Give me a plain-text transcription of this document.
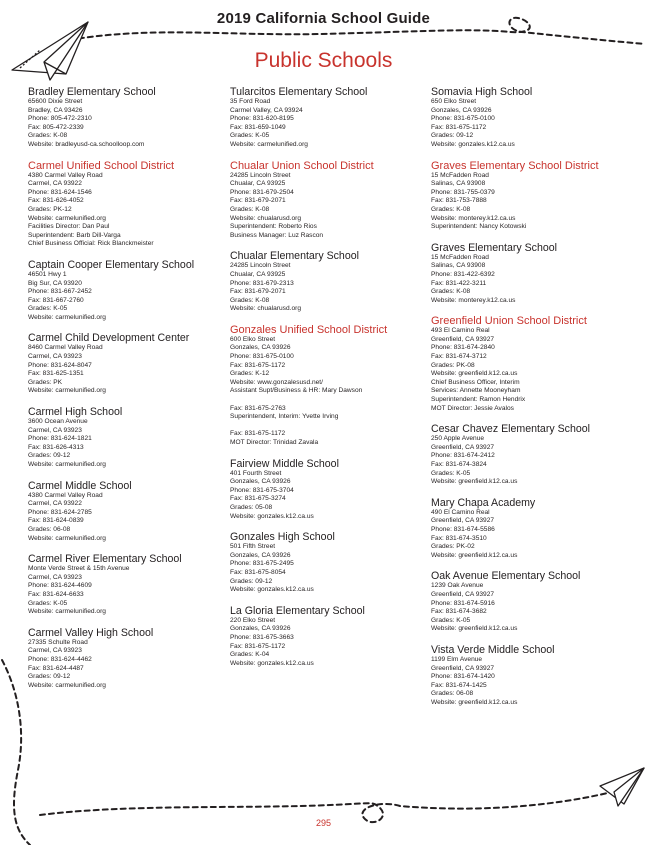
2019 California School Guide
Public Schools
Bradley Elementary School
65600 Dixie Street
Bradley, CA 93426
Phone: 805-472-2310
Fax: 805-472-2339
Grades: K-08
Website: bradleyusd-ca.schoolloop.com
Carmel Unified School District
4380 Carmel Valley Road
Carmel, CA 93922
Phone: 831-624-1546
Fax: 831-626-4052
Grades: PK-12
Website: carmelunified.org
Facilities Director: Dan Paul
Superintendent: Barb Dill-Varga
Chief Business Official: Rick Blanckmeister
Captain Cooper Elementary School
46501 Hwy 1
Big Sur, CA 93920
Phone: 831-667-2452
Fax: 831-667-2760
Grades: K-05
Website: carmelunified.org
Carmel Child Development Center
8460 Carmel Valley Road
Carmel, CA 93923
Phone: 831-624-8047
Fax: 831-625-1351
Grades: PK
Website: carmelunified.org
Carmel High School
3600 Ocean Avenue
Carmel, CA 93923
Phone: 831-624-1821
Fax: 831-626-4313
Grades: 09-12
Website: carmelunified.org
Carmel Middle School
4380 Carmel Valley Road
Carmel, CA 93922
Phone: 831-624-2785
Fax: 831-624-0839
Grades: 06-08
Website: carmelunified.org
Carmel River Elementary School
Monte Verde Street & 15th Avenue
Carmel, CA 93923
Phone: 831-624-4609
Fax: 831-624-6633
Grades: K-05
Website: carmelunified.org
Carmel Valley High School
27335 Schulte Road
Carmel, CA 93923
Phone: 831-624-4462
Fax: 831-624-4487
Grades: 09-12
Website: carmelunified.org
Tularcitos Elementary School
35 Ford Road
Carmel Valley, CA 93924
Phone: 831-620-8195
Fax: 831-659-1049
Grades: K-05
Website: carmelunified.org
Chualar Union School District
24285 Lincoln Street
Chualar, CA 93925
Phone: 831-679-2504
Fax: 831-679-2071
Grades: K-08
Website: chualarusd.org
Superintendent: Roberto Rios
Business Manager: Luz Rascon
Chualar Elementary School
24285 Lincoln Street
Chualar, CA 93925
Phone: 831-679-2313
Fax: 831-679-2071
Grades: K-08
Website: chualarusd.org
Gonzales Unified School District
600 Elko Street
Gonzales, CA 93926
Phone: 831-675-0100
Fax: 831-675-1172
Grades: K-12
Website: www.gonzalesusd.net/
Assistant Supt/Business & HR: Mary Dawson
Fax: 831-675-2763
Superintendent, Interim: Yvette Irving
Fax: 831-675-1172
MOT Director: Trinidad Zavala
Fairview Middle School
401 Fourth Street
Gonzales, CA 93926
Phone: 831-675-3704
Fax: 831-675-3274
Grades: 05-08
Website: gonzales.k12.ca.us
Gonzales High School
501 Fifth Street
Gonzales, CA 93926
Phone: 831-675-2495
Fax: 831-675-8054
Grades: 09-12
Website: gonzales.k12.ca.us
La Gloria Elementary School
220 Elko Street
Gonzales, CA 93926
Phone: 831-675-3663
Fax: 831-675-1172
Grades: K-04
Website: gonzales.k12.ca.us
Somavia High School
650 Elko Street
Gonzales, CA 93926
Phone: 831-675-0100
Fax: 831-675-1172
Grades: 09-12
Website: gonzales.k12.ca.us
Graves Elementary School District
15 McFadden Road
Salinas, CA 93908
Phone: 831-755-0379
Fax: 831-753-7888
Grades: K-08
Website: monterey.k12.ca.us
Superintendent: Nancy Kotowski
Graves Elementary School
15 McFadden Road
Salinas, CA 93908
Phone: 831-422-6392
Fax: 831-422-3211
Grades: K-08
Website: monterey.k12.ca.us
Greenfield Union School District
493 El Camino Real
Greenfield, CA 93927
Phone: 831-674-2840
Fax: 831-674-3712
Grades: PK-08
Website: greenfield.k12.ca.us
Chief Business Officer, Interim
Services: Annette Mooneyham
Superintendent: Ramon Hendrix
MOT Director: Jessie Avalos
Cesar Chavez Elementary School
250 Apple Avenue
Greenfield, CA 93927
Phone: 831-674-2412
Fax: 831-674-3824
Grades: K-05
Website: greenfield.k12.ca.us
Mary Chapa Academy
490 El Camino Real
Greenfield, CA 93927
Phone: 831-674-5586
Fax: 831-674-3510
Grades: PK-02
Website: greenfield.k12.ca.us
Oak Avenue Elementary School
1239 Oak Avenue
Greenfield, CA 93927
Phone: 831-674-5916
Fax: 831-674-3682
Grades: K-05
Website: greenfield.k12.ca.us
Vista Verde Middle School
1199 Elm Avenue
Greenfield, CA 93927
Phone: 831-674-1420
Fax: 831-674-1425
Grades: 06-08
Website: greenfield.k12.ca.us
295
